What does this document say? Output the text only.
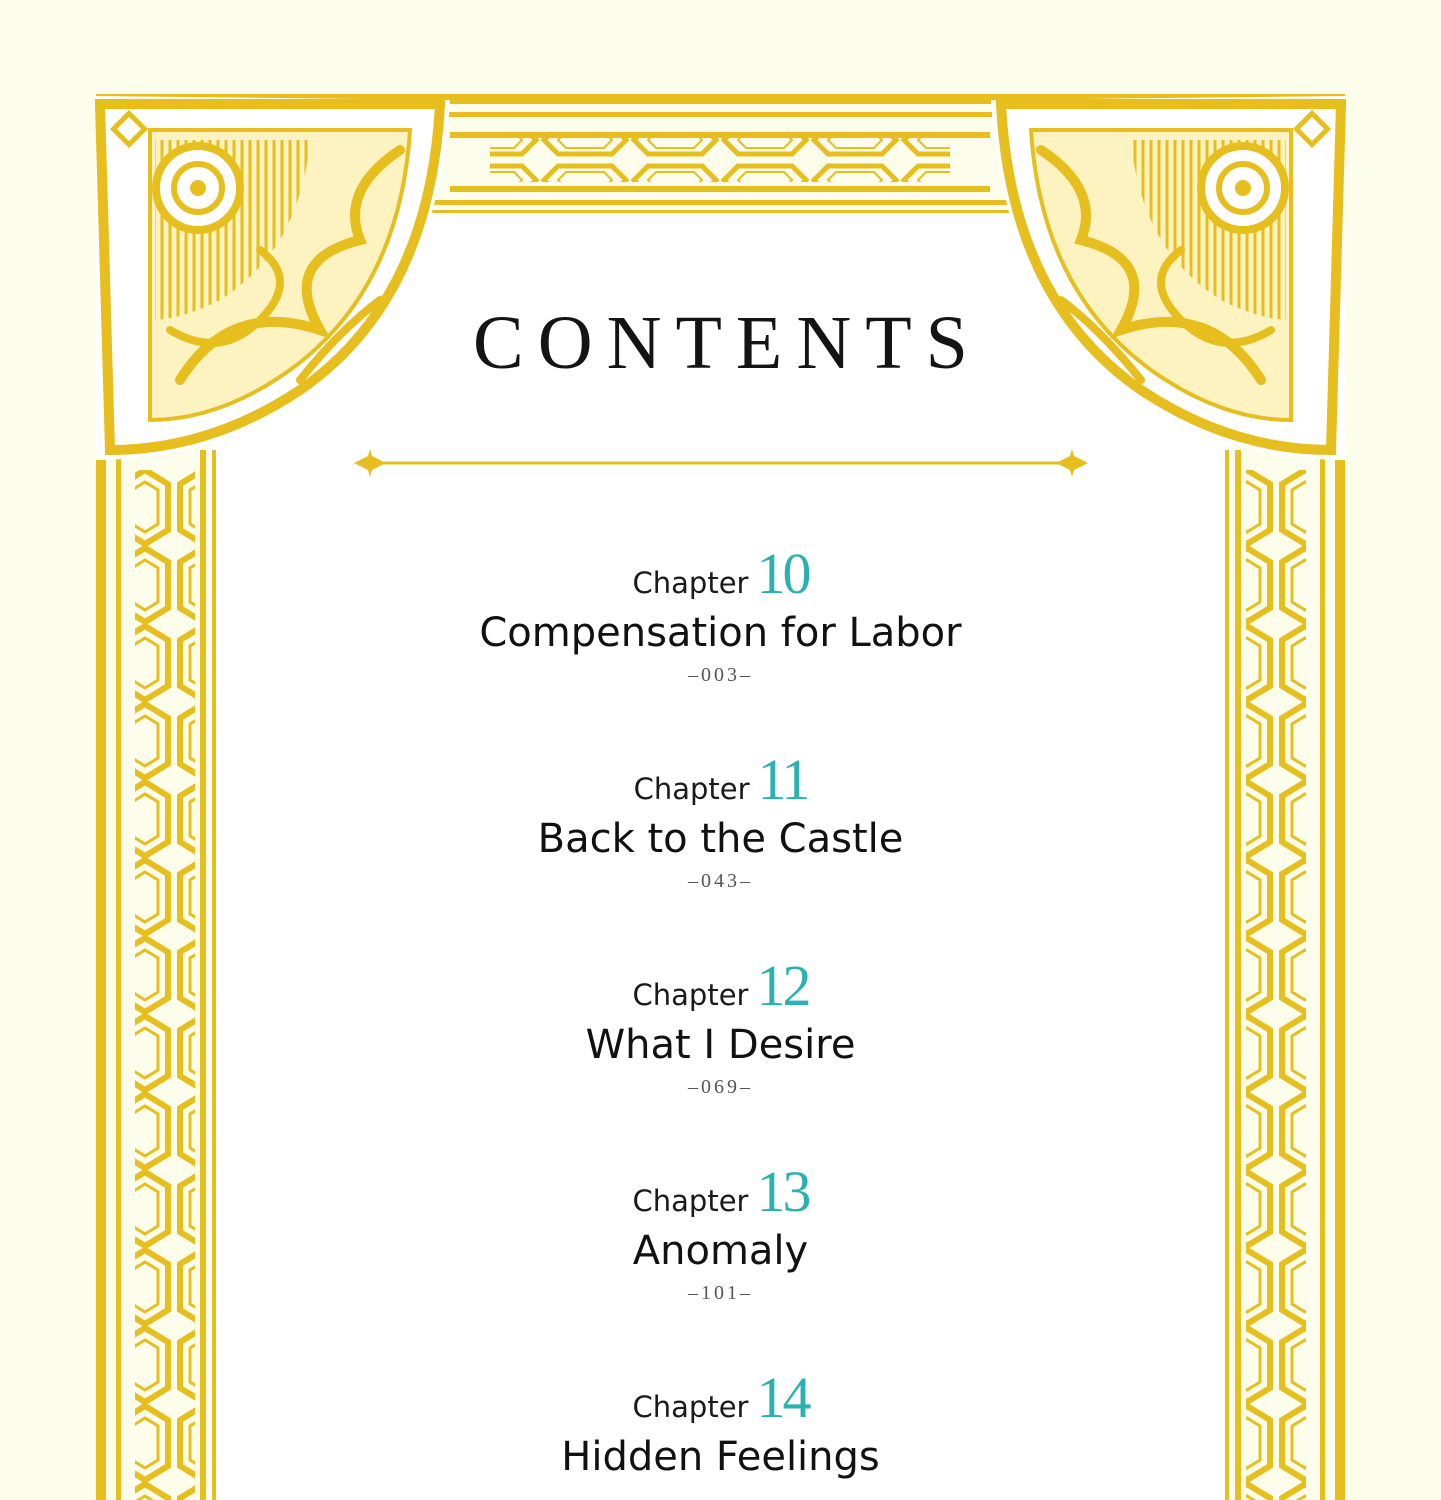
CONTENTS
Chapter 10
Compensation for Labor
–003–
Chapter 11
Back to the Castle
–043–
Chapter 12
What I Desire
–069–
Chapter 13
Anomaly
–101–
Chapter 14
Hidden Feelings
